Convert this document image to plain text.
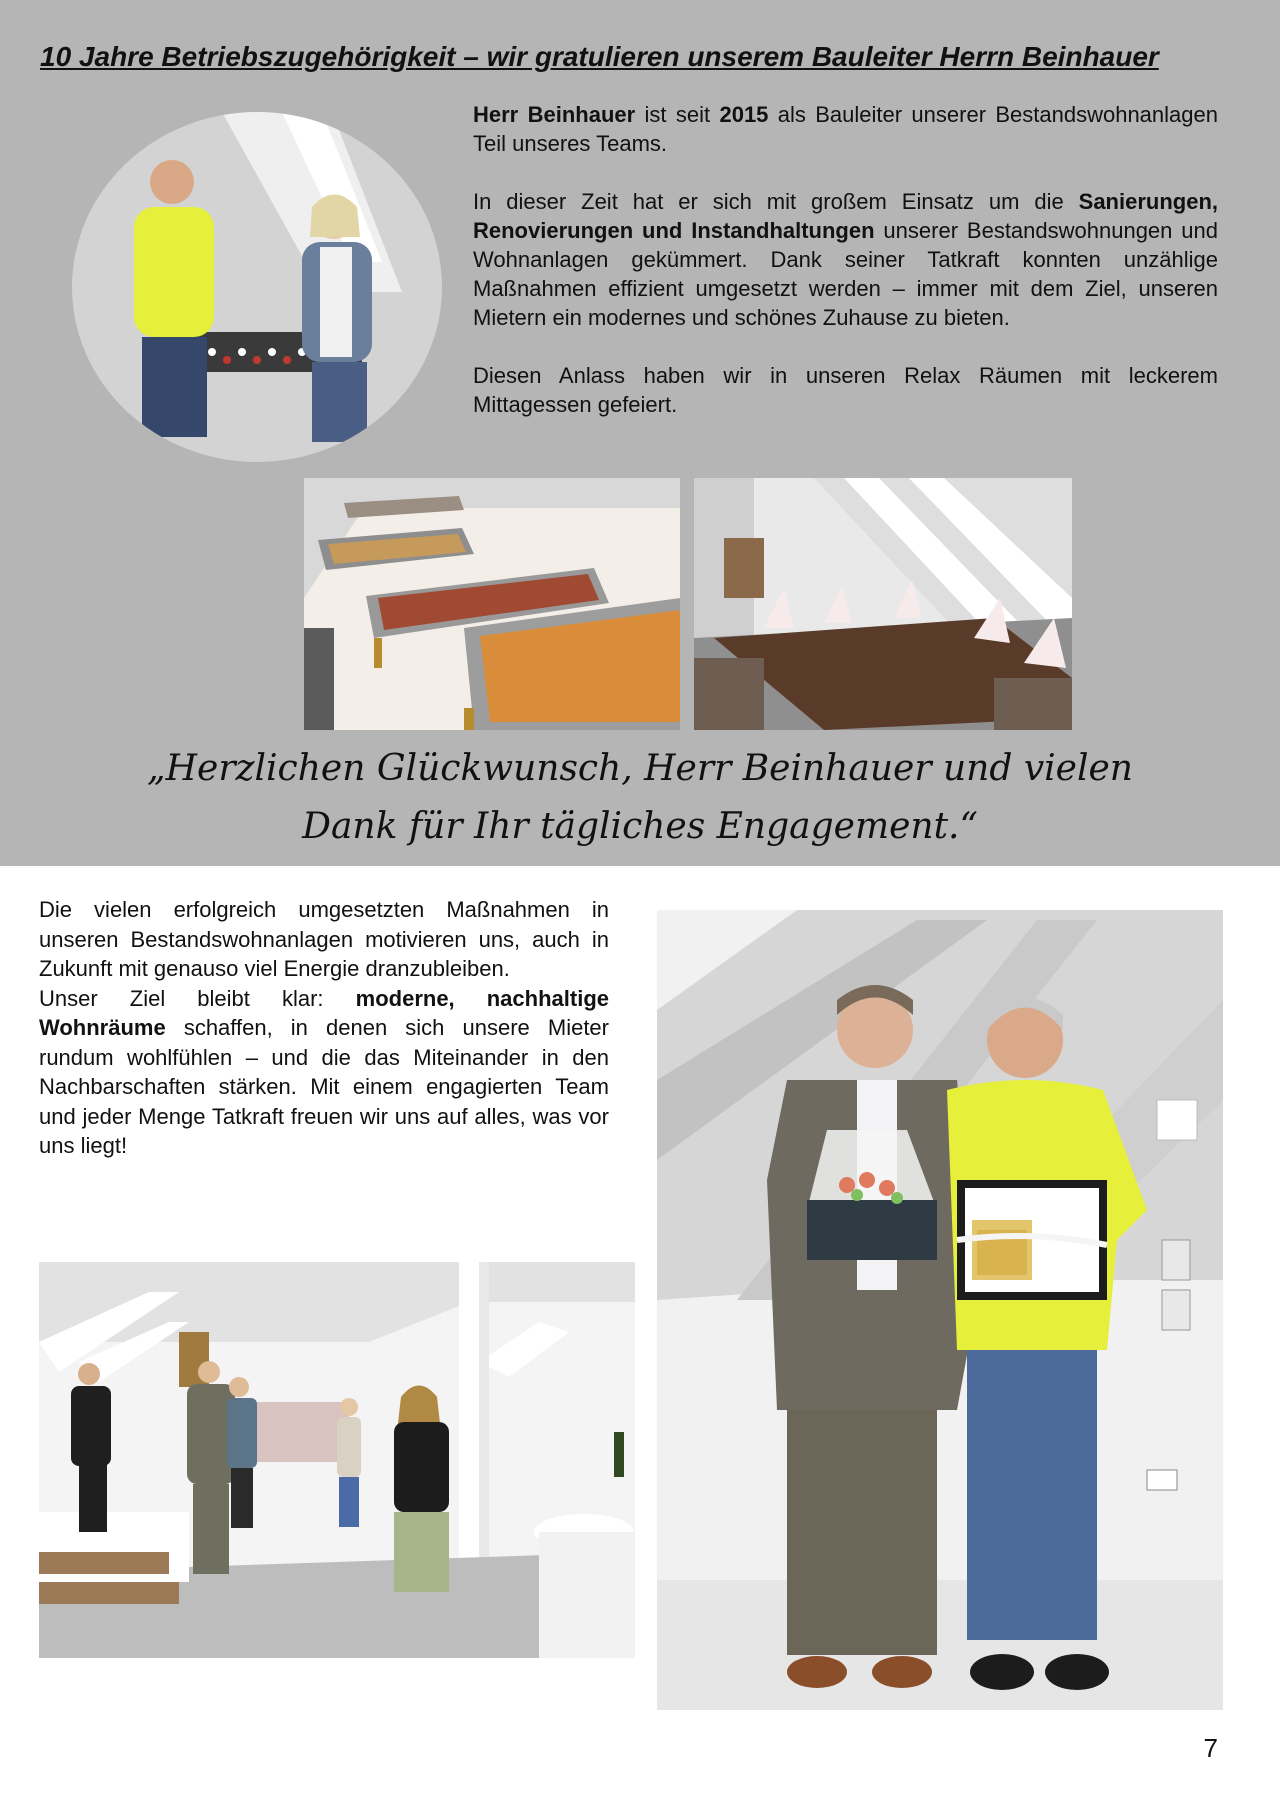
10 Jahre Betriebszugehörigkeit – wir gratulieren unserem Bauleiter Herrn Beinhauer

Herr Beinhauer ist seit 2015 als Bauleiter unserer Bestandswohnanlagen Teil unseres Teams.

In dieser Zeit hat er sich mit großem Einsatz um die Sanierungen, Renovierungen und Instandhaltungen unserer Bestandswohnungen und Wohnanlagen gekümmert. Dank seiner Tatkraft konnten unzählige Maßnahmen effizient umgesetzt werden – immer mit dem Ziel, unseren Mietern ein modernes und schönes Zuhause zu bieten.

Diesen Anlass haben wir in unseren Relax Räumen mit leckerem Mittagessen gefeiert.

„Herzlichen Glückwunsch, Herr Beinhauer und vielen
Dank für Ihr tägliches Engagement.“
Die vielen erfolgreich umgesetzten Maßnahmen in unseren Bestandswohnanlagen motivieren uns, auch in Zukunft mit genauso viel Energie dranzubleiben.
Unser Ziel bleibt klar: moderne, nachhaltige Wohnräume schaffen, in denen sich unsere Mieter rundum wohlfühlen – und die das Miteinander in den Nachbarschaften stärken. Mit einem engagierten Team und jeder Menge Tatkraft freuen wir uns auf alles, was vor uns liegt!
7
